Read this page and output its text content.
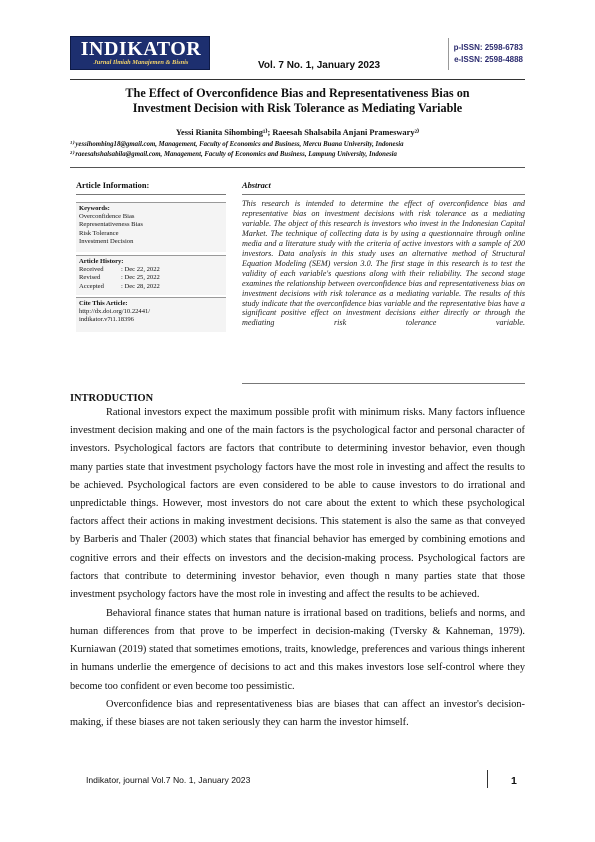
INDIKATOR
Jurnal Ilmiah Manajemen & Bisnis	Vol. 7 No. 1, January 2023
p-ISSN: 2598-6783
e-ISSN: 2598-4888
The Effect of Overconfidence Bias and Representativeness Bias on
Investment Decision with Risk Tolerance as Mediating Variable
Yessi Rianita Sihombing¹⁾; Raeesah Shalsabila Anjani Prameswary²⁾
¹⁾ yessihombing18@gmail.com, Management, Faculty of Economics and Business, Mercu Buana University, Indonesia
²⁾ raeesahshalsabila@gmail.com, Management, Faculty of Economics and Business, Lampung University, Indonesia
Article Information:	Abstract
Keywords:
Overconfidence Bias
Representativeness Bias
Risk Tolerance
Investment Decision
Article History:
Received	: Dec 22, 2022
Revised	: Dec 25, 2022
Accepted	: Dec 28, 2022
Cite This Article:
http://dx.doi.org/10.22441/
indikator.v7i1.18396
This research is intended to determine the effect of overconfidence bias and representative bias on investment decisions with risk tolerance as a mediating variable. The object of this research is investors who invest in the Indonesian Capital Market. The technique of collecting data is by using a questionnaire through online media and a literature study with the criteria of active investors with a sample of 200 investors. Data analysis in this study uses an alternative method of Structural Equation Modeling (SEM) version 3.0. The first stage in this research is to test the validity of each variable's questions along with their reliability. The second stage examines the relationship between overconfidence bias and representativeness bias on investment decisions with risk tolerance as a mediating variable. The results of this study indicate that the overconfidence bias variable and the representative bias have a significant positive effect on investment decisions either directly or through the mediating risk tolerance variable.
INTRODUCTION

Rational investors expect the maximum possible profit with minimum risks. Many factors influence investment decision making and one of the main factors is the psychological factor and personal character of investors. Psychological factors are factors that contribute to determining investor behavior, even though many parties state that investment psychology factors have the most role in investing and affect the results to be achieved. Psychological factors are even considered to be able to cause investors to do irrational and unpredictable things. However, most investors do not care about the extent to which these psychological factors affect their actions in making investment decisions. This statement is also the same as that conveyed by Barberis and Thaler (2003) which states that financial behavior has emerged by combining emotions and cognitive errors and their effects on investors and the decision-making process. Psychological factors are factors that contribute to determining investor behavior, even though n many parties state that those investment psychology factors have the most role in investing and affect the results to be achieved.

Behavioral finance states that human nature is irrational based on traditions, beliefs and norms, and human differences from that prove to be imperfect in decision-making (Tversky & Kahneman, 1979). Kurniawan (2019) stated that sometimes emotions, traits, knowledge, preferences and various things inherent in humans underlie the emergence of decisions to act and this makes investors lose self-control where they become too confident or even become too pessimistic.

Overconfidence bias and representativeness bias are biases that can affect an investor's decision-making, if these biases are not taken seriously they can harm the investor himself.

Indikator, journal Vol.7 No. 1, January 2023	1
